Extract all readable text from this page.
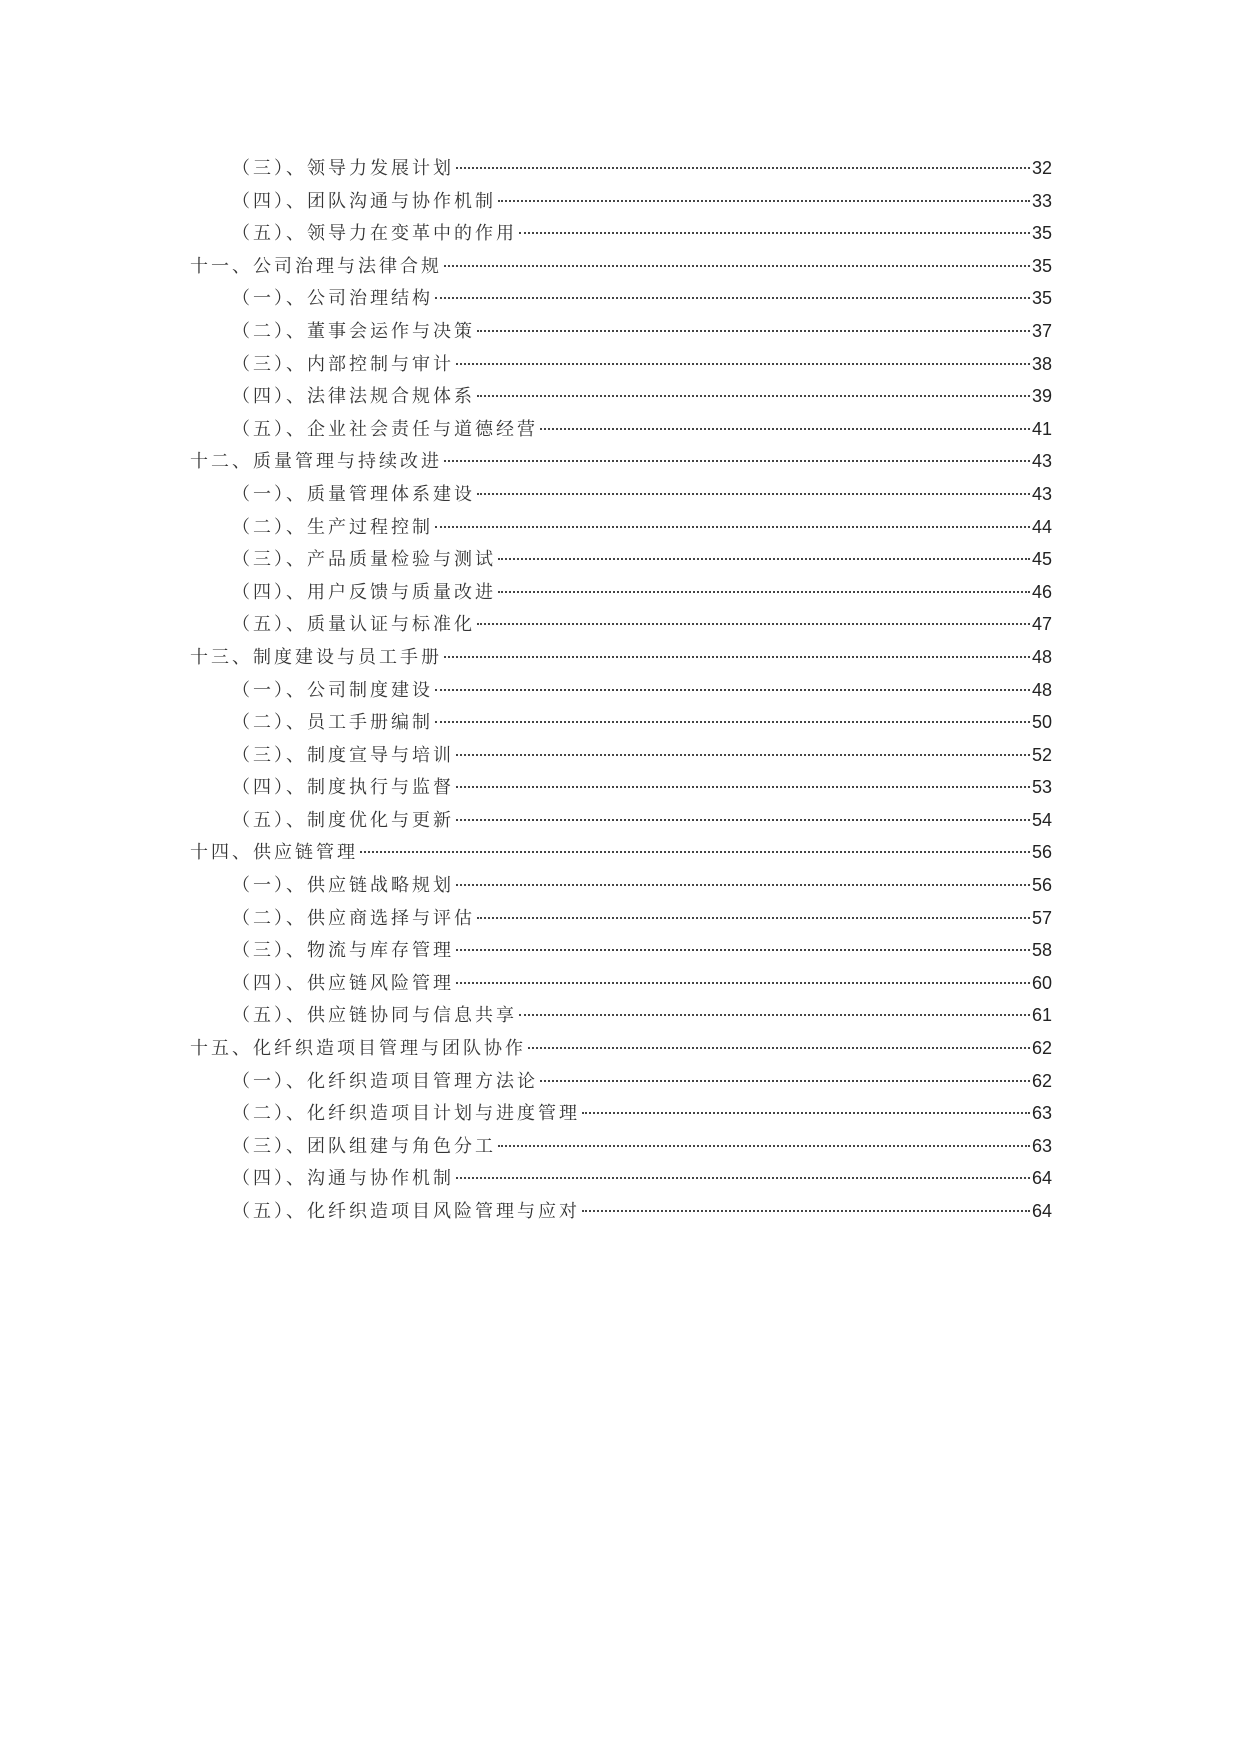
（三）、领导力发展计划	32
（四）、团队沟通与协作机制	33
（五）、领导力在变革中的作用	35
十一、公司治理与法律合规	35
（一）、公司治理结构	35
（二）、董事会运作与决策	37
（三）、内部控制与审计	38
（四）、法律法规合规体系	39
（五）、企业社会责任与道德经营	41
十二、质量管理与持续改进	43
（一）、质量管理体系建设	43
（二）、生产过程控制	44
（三）、产品质量检验与测试	45
（四）、用户反馈与质量改进	46
（五）、质量认证与标准化	47
十三、制度建设与员工手册	48
（一）、公司制度建设	48
（二）、员工手册编制	50
（三）、制度宣导与培训	52
（四）、制度执行与监督	53
（五）、制度优化与更新	54
十四、供应链管理	56
（一）、供应链战略规划	56
（二）、供应商选择与评估	57
（三）、物流与库存管理	58
（四）、供应链风险管理	60
（五）、供应链协同与信息共享	61
十五、化纤织造项目管理与团队协作	62
（一）、化纤织造项目管理方法论	62
（二）、化纤织造项目计划与进度管理	63
（三）、团队组建与角色分工	63
（四）、沟通与协作机制	64
（五）、化纤织造项目风险管理与应对	64
